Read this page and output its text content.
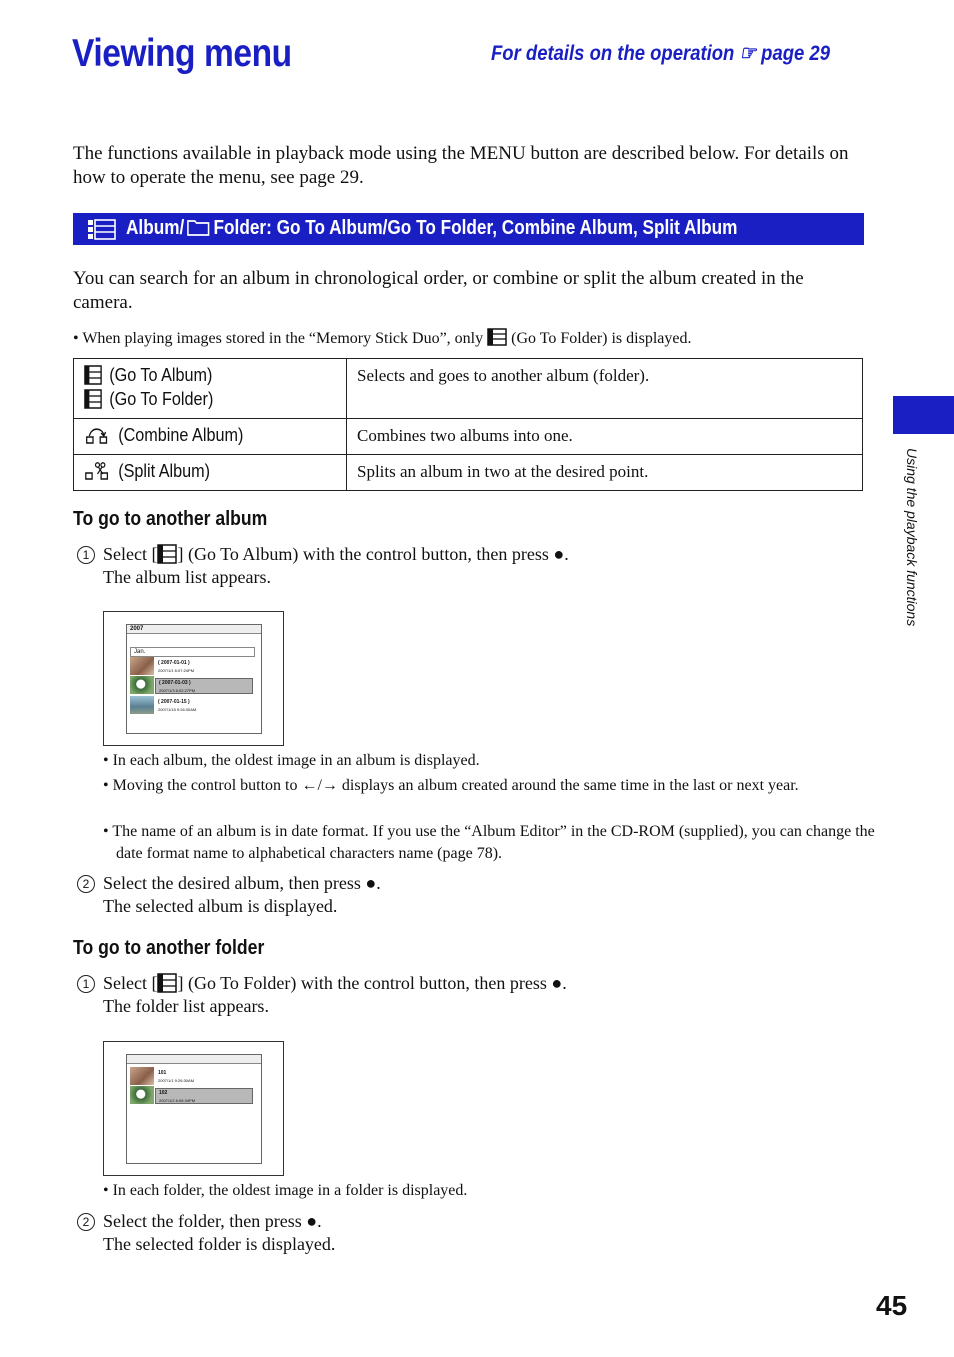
Viewing menu	For details on the operation ☞ page 29
The functions available in playback mode using the MENU button are described below. For details on how to operate the menu, see page 29.
Album/ Folder: Go To Album/Go To Folder, Combine Album, Split Album
You can search for an album in chronological order, or combine or split the album created in the camera.
• When playing images stored in the “Memory Stick Duo”, only (Go To Folder) is displayed.
(Go To Album)
(Go To Folder)	Selects and goes to another album (folder).

(Combine Album)	Combines two albums into one.

(Split Album)	Splits an album in two at the desired point.
To go to another album
1 Select [ ] (Go To Album) with the control button, then press ●.
The album list appears.
2007
Jan.
( 2007-01-01 )
2007/1/1 6:07:24PM
( 2007-01-03 )
2007/1/3 6:02:27PM
( 2007-01-15 )
2007/1/15 9:26:30AM
• In each album, the oldest image in an album is displayed.
• Moving the control button to ←/→ displays an album created around the same time in the last or next year.
• The name of an album is in date format. If you use the “Album Editor” in the CD-ROM (supplied), you can change the date format name to alphabetical characters name (page 78).
2 Select the desired album, then press ●.
The selected album is displayed.
To go to another folder
1 Select [ ] (Go To Folder) with the control button, then press ●.
The folder list appears.
101
2007/1/1 9:26:30AM
102
2007/1/2 6:06:34PM
• In each folder, the oldest image in a folder is displayed.
2 Select the folder, then press ●.
The selected folder is displayed.
Using the playback functions
45
